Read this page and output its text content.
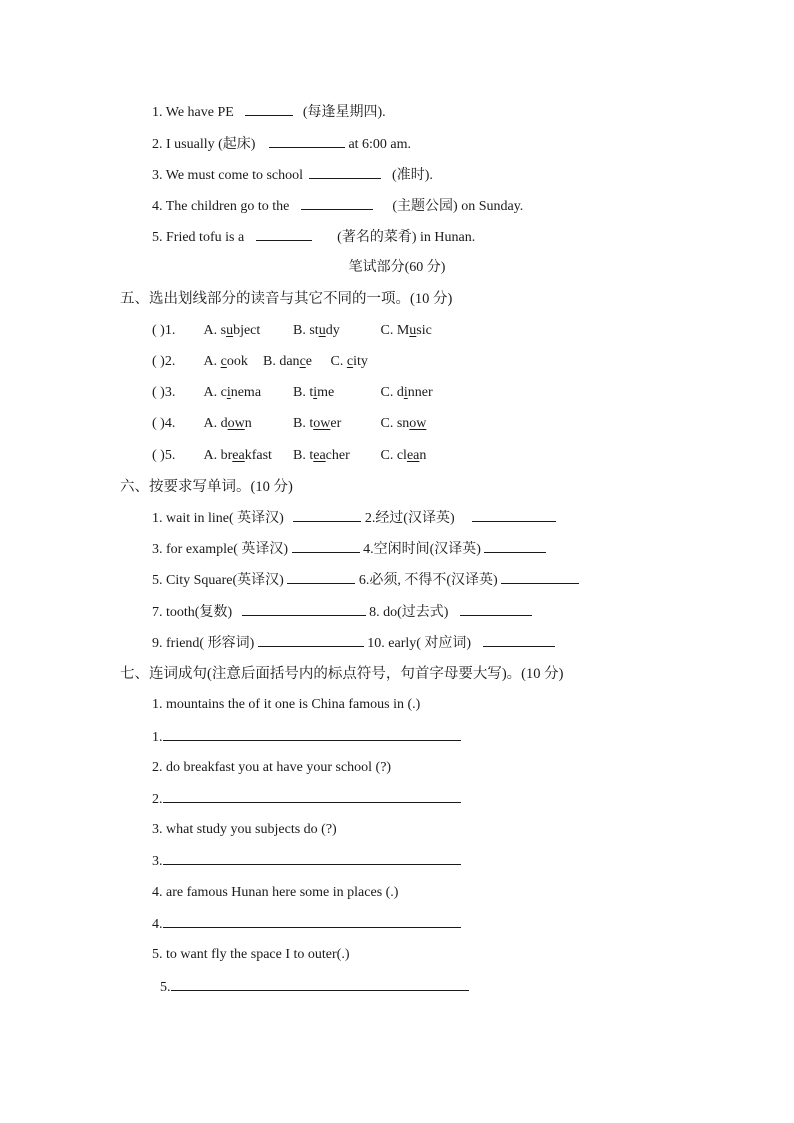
1. We have PE	(每逢星期四).
2. I usually (起床)	at 6:00 am.
3. We must come to school	(准时).
4. The children go to the	(主题公园) on Sunday.
5. Fried tofu is a	(著名的菜肴) in Hunan.
笔试部分(60 分)
五、选出划线部分的读音与其它不同的一项。(10 分)
( )1. A. subject B. study	C. Music
( )2. A. cook B. dance C. city
( )3. A. cinema B. time	C. dinner
( )4. A. down	B. tower	C. snow
( )5. A. breakfast B. teacher C. clean
六、按要求写单词。(10 分)
1. wait in line( 英译汉)	2.经过(汉译英)
3. for example( 英译汉)	4.空闲时间(汉译英)
5. City Square(英译汉)	6.必须, 不得不(汉译英)
7. tooth(复数)	8. do(过去式)
9. friend( 形容词)	10. early( 对应词)
七、连词成句(注意后面括号内的标点符号，句首字母要大写)。(10 分)
1. mountains the of it one is China famous in (.)
1.
2. do breakfast you at have your school (?)
2.
3. what study you subjects do (?)
3.
4. are famous Hunan here some in places (.)
4.
5. to want fly the space I to outer(.)
5.
